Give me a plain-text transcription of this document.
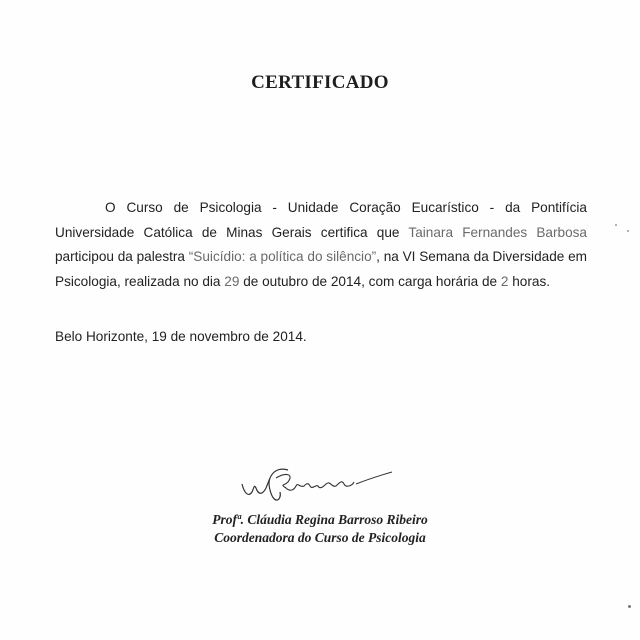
CERTIFICADO
O Curso de Psicologia - Unidade Coração Eucarístico - da Pontifícia Universidade Católica de Minas Gerais certifica que Tainara Fernandes Barbosa participou da palestra “Suicídio: a política do silêncio”, na VI Semana da Diversidade em Psicologia, realizada no dia 29 de outubro de 2014, com carga horária de 2 horas.
Belo Horizonte, 19 de novembro de 2014.
Profª. Cláudia Regina Barroso Ribeiro
Coordenadora do Curso de Psicologia
